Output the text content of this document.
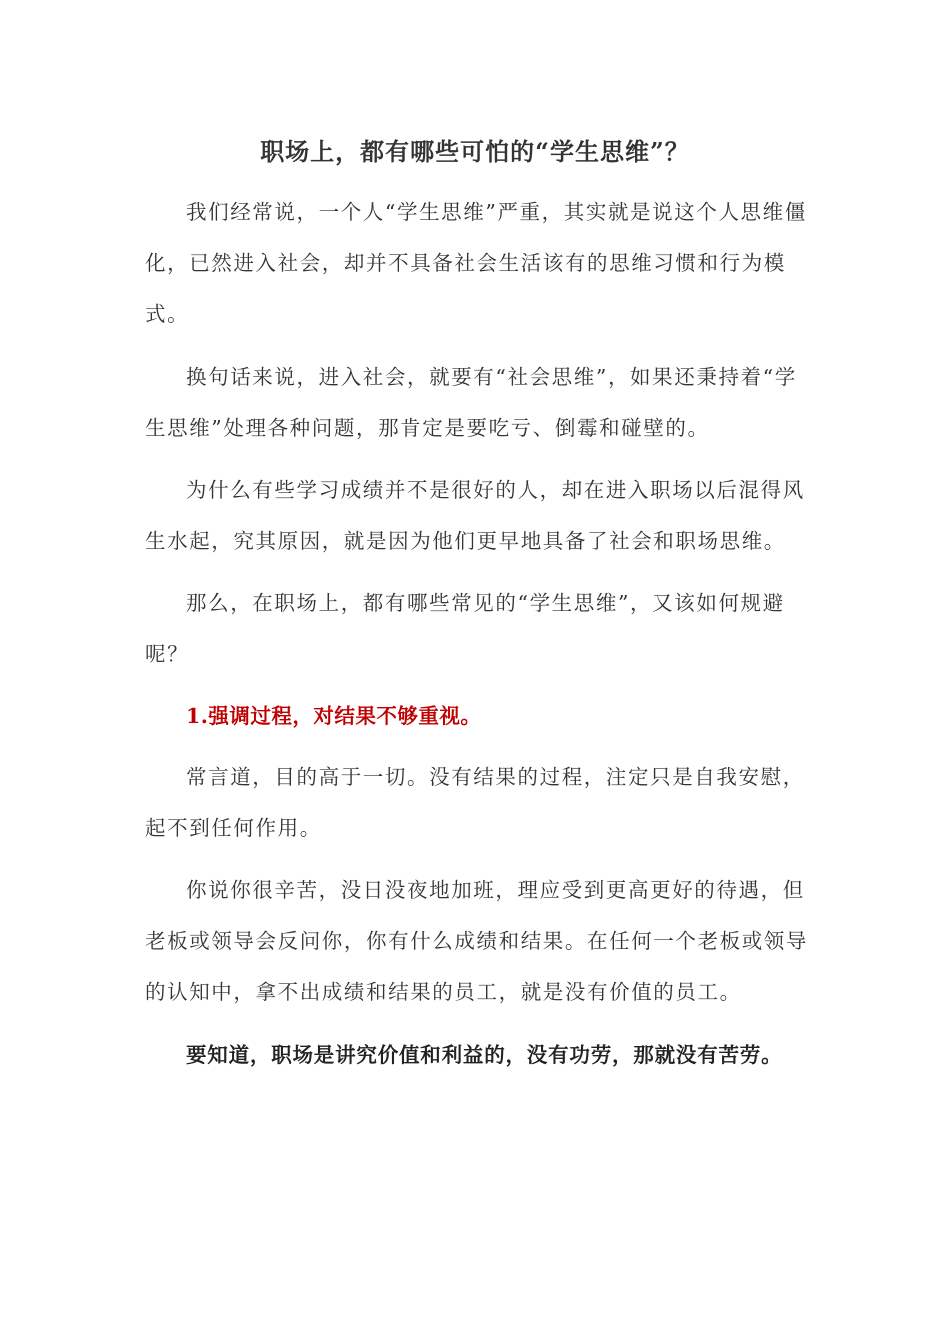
职场上，都有哪些可怕的“学生思维”？

我们经常说，一个人“学生思维”严重，其实就是说这个人思维僵化，已然进入社会，却并不具备社会生活该有的思维习惯和行为模式。

换句话来说，进入社会，就要有“社会思维”，如果还秉持着“学生思维”处理各种问题，那肯定是要吃亏、倒霉和碰壁的。

为什么有些学习成绩并不是很好的人，却在进入职场以后混得风生水起，究其原因，就是因为他们更早地具备了社会和职场思维。

那么，在职场上，都有哪些常见的“学生思维”，又该如何规避呢？

1.强调过程，对结果不够重视。

常言道，目的高于一切。没有结果的过程，注定只是自我安慰，起不到任何作用。

你说你很辛苦，没日没夜地加班，理应受到更高更好的待遇，但老板或领导会反问你，你有什么成绩和结果。在任何一个老板或领导的认知中，拿不出成绩和结果的员工，就是没有价值的员工。

要知道，职场是讲究价值和利益的，没有功劳，那就没有苦劳。
